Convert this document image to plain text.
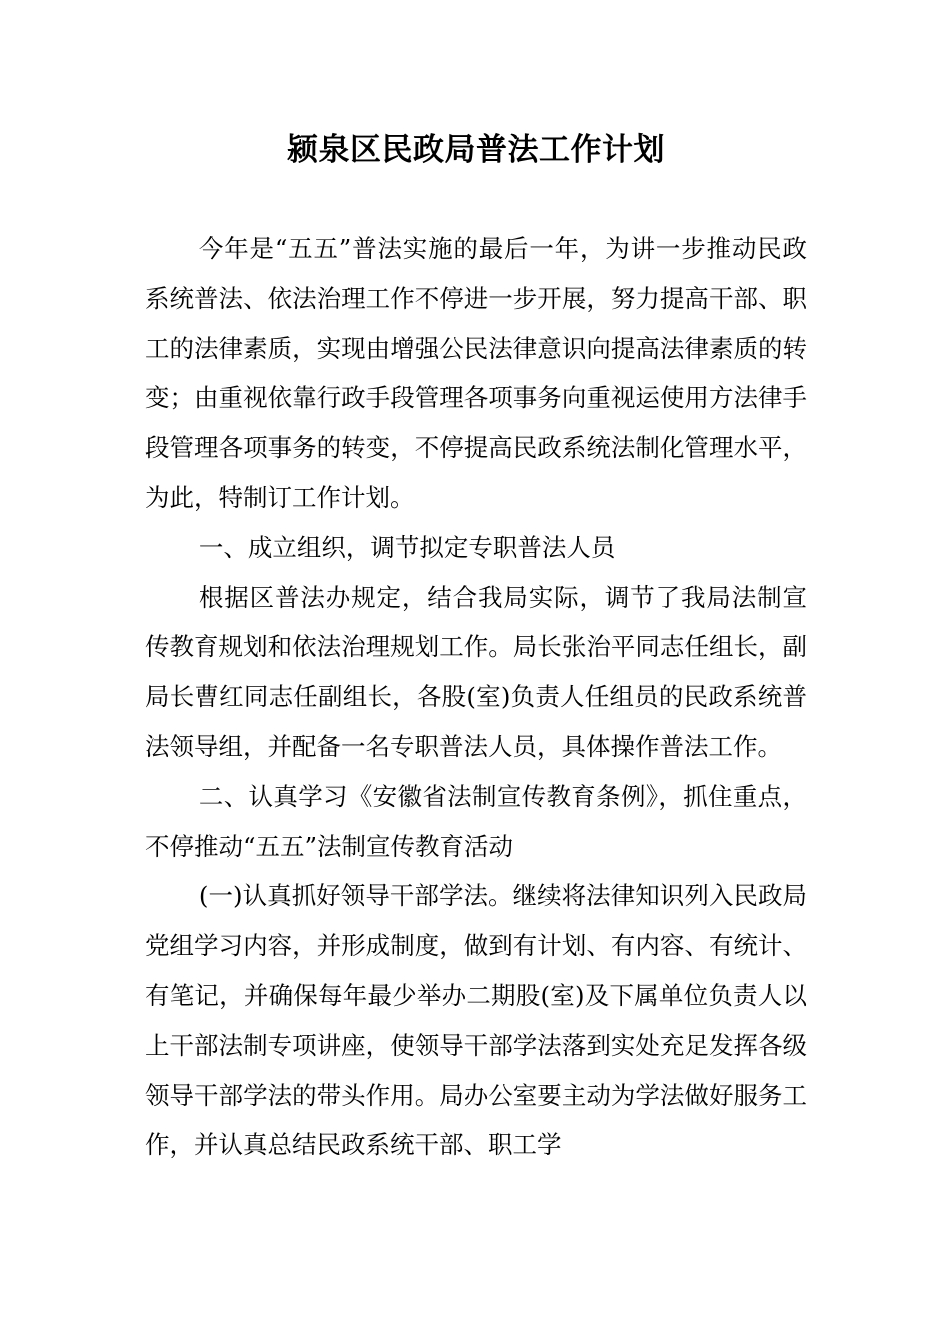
颍泉区民政局普法工作计划

今年是“五五”普法实施的最后一年，为讲一步推动民政系统普法、依法治理工作不停进一步开展，努力提高干部、职工的法律素质，实现由增强公民法律意识向提高法律素质的转变；由重视依靠行政手段管理各项事务向重视运使用方法律手段管理各项事务的转变，不停提高民政系统法制化管理水平，为此，特制订工作计划。

一、成立组织，调节拟定专职普法人员

根据区普法办规定，结合我局实际，调节了我局法制宣传教育规划和依法治理规划工作。局长张治平同志任组长，副局长曹红同志任副组长，各股(室)负责人任组员的民政系统普法领导组，并配备一名专职普法人员，具体操作普法工作。

二、认真学习《安徽省法制宣传教育条例》，抓住重点，不停推动“五五”法制宣传教育活动

(一)认真抓好领导干部学法。继续将法律知识列入民政局党组学习内容，并形成制度，做到有计划、有内容、有统计、有笔记，并确保每年最少举办二期股(室)及下属单位负责人以上干部法制专项讲座，使领导干部学法落到实处充足发挥各级领导干部学法的带头作用。局办公室要主动为学法做好服务工作，并认真总结民政系统干部、职工学
